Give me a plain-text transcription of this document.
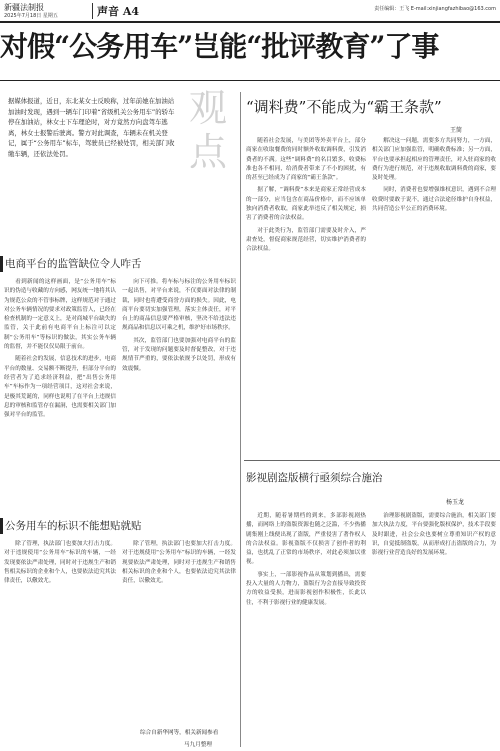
新疆法制报
2025年7月18日 星期五	声音 A4	责任编辑：王飞 E-mail:xinjiangfazhibao@163.com
对假“公务用车”岂能“批评教育”了事
据媒体报道，近日，东北某女士反映称，过年前她在加油站加油时发现，遇到一辆车门印着“省级机关公务用车”的轿车停在加油站，林女士下车理论时，对方竟然方向盘驾车逃离，林女士报警后驶离。警方对此调查，车辆未在机关登记，属于“公务用车”标车，驾驶员已经被处罚，相关部门收缴车辆，还依法处罚。
观点
“调料费”不能成为“霸王条款”
王简
电商平台的监管缺位令人咋舌

看到新闻的这样画面，是“公务用车”标识的伪造与收藏的方向感，网友统一地将其认为规范公众的不管事标牌，这样规范对于通过对公务车辆情况的要求对政策监管人，已经在检查机制的一定意义上，是对商城平台缺失的监管，关于此前有电商平台上标注可以定制“公务用车”等标识的做法，其实公务车辆的监督，并不能仅仅局限于前台。

随着社会的发展，信息技术的进步，电商平台的数量、交易额不断提升，但部分平台的经营者为了追求经济利益，把“出售公务用车”车标作为一项经营项目，这对社会来说，是极其荒诞的，同样也说明了在平台上违规信息的审核和监管存在漏洞，也需要相关部门加强对平台的监管。

向下可推。将车标与标注的公务用车标识一起出售，对平台来说，不仅要面对法律的制裁，同时也将遭受商誉方面的损失。因此，电商平台要切实加强管理，落实主体责任，对平台上的商品信息要严格审核，坚决不给违法违规商品和信息以可乘之机，维护好市场秩序。

其次，监管部门也要加强对电商平台的监管，对于发现的问题要及时督促整改，对于违规情节严重的，要依法依规予以处罚，形成有效震慑。

公务用车的标识不能想贴就贴

除了管理，执法部门也要加大打击力度。对于违规使用“公务用车”标识的车辆，一经发现要依法严肃处理，同时对于违规生产和销售相关标识的企业和个人，也要依法追究其法律责任，以儆效尤。

除了管理，执法部门也要加大打击力度。对于违规使用“公务用车”标识的车辆，一经发现要依法严肃处理，同时对于违规生产和销售相关标识的企业和个人，也要依法追究其法律责任，以儆效尤。

随着社会发展，与美团等外卖平台上，部分商家在收取餐费的同时额外收取调料费，引发消费者的不满。这些“调料费”的名目繁多，收费标准也各不相同，给消费者带来了不小的困扰，有的甚至已经成为了商家的“霸王条款”。

据了解，“调料费”本来是商家正常经营成本的一部分，应当包含在商品价格中，而不应该单独向消费者收取，商家此举违反了相关规定，损害了消费者的合法权益。

对于此类行为，监管部门需要及时介入，严肃查处，督促商家规范经营，切实维护消费者的合法权益。

解决这一问题，需要多方共同努力，一方面，相关部门应加强监管，明确收费标准；另一方面，平台也要承担起相应的管理责任，对入驻商家的收费行为进行规范，对于违规收取调料费的商家，要及时处理。

同时，消费者也要增强维权意识，遇到不合理收费时要敢于说不，通过合法途径维护自身权益，共同营造公平公正的消费环境。

影视剧盗版横行亟须综合施治
杨玉龙

近期，随着暑期档的到来，多部影视剧热播，而网络上的盗版资源也随之泛滥，不少热播剧集刚上线便出现了盗版，严重侵害了著作权人的合法权益。影视盗版不仅损害了创作者的利益，也扰乱了正常的市场秩序，对此必须加以重视。

事实上，一部影视作品从策划到播出，需要投入大量的人力物力，盗版行为会直接导致投资方的收益受损，进而影视创作积极性，长此以往，不利于影视行业的健康发展。

治理影视剧盗版，需要综合施治，相关部门要加大执法力度，平台要强化版权保护，技术手段要及时跟进，社会公众也要树立尊重知识产权的意识，自觉抵制盗版，从而形成打击盗版的合力，为影视行业营造良好的发展环境。

综合自新华网等，相关新闻参看
马九月整理
